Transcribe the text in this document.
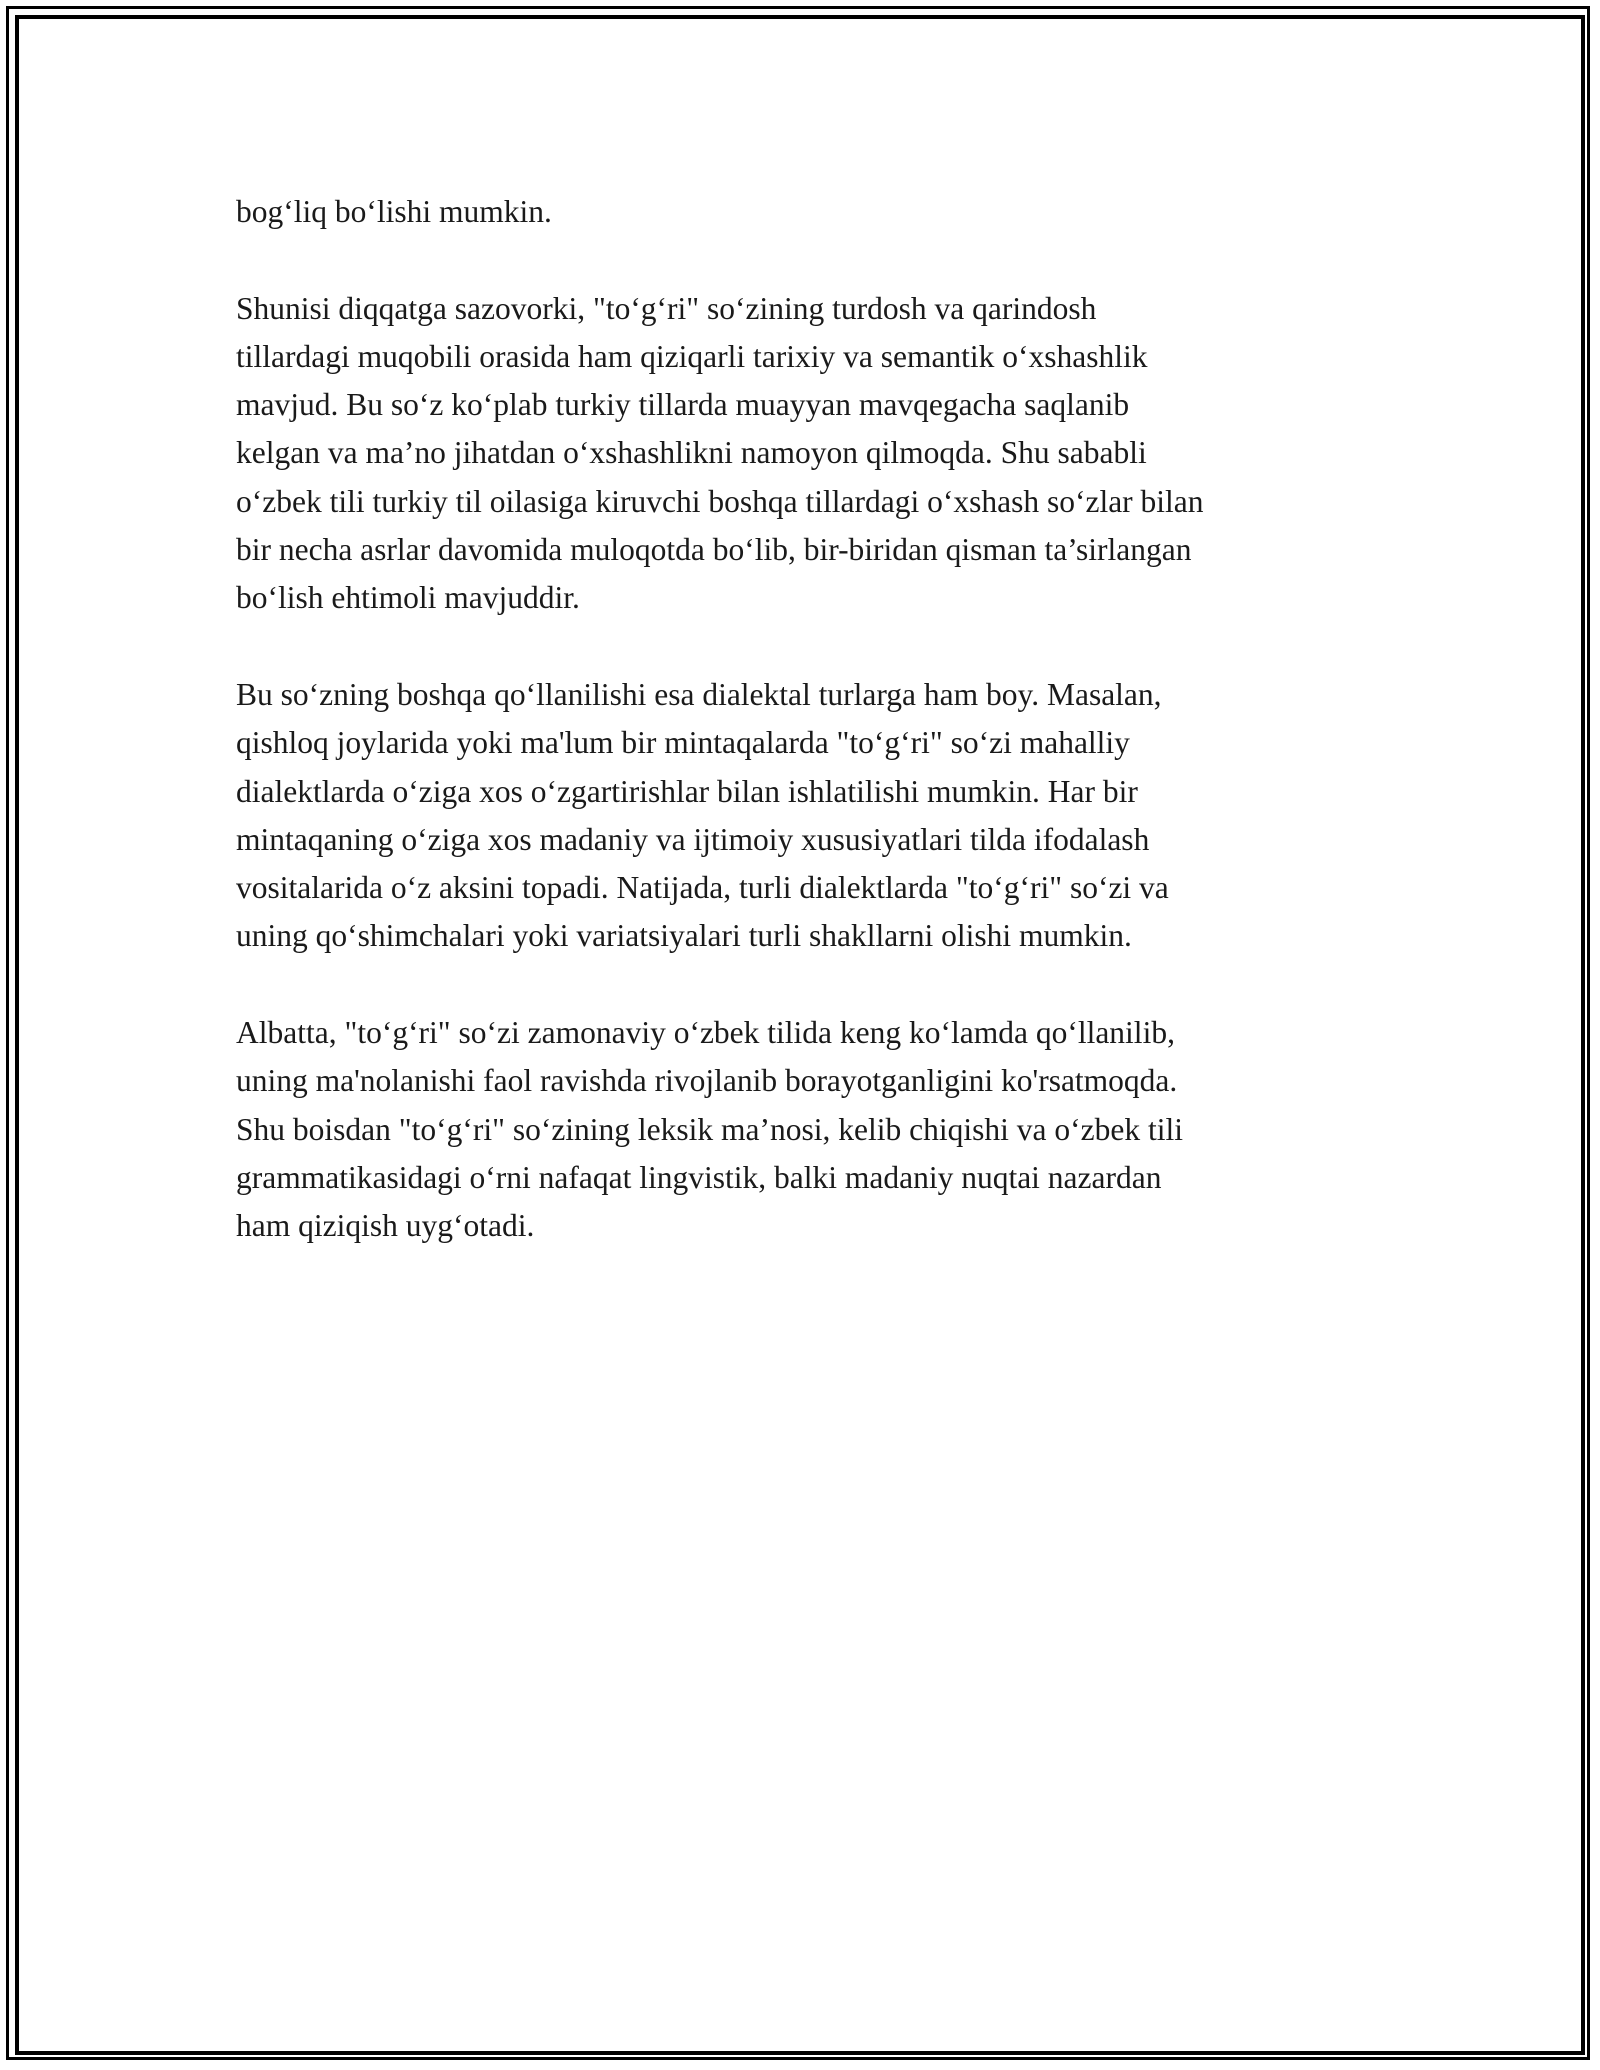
bog‘liq bo‘lishi mumkin.

Shunisi diqqatga sazovorki, "to‘g‘ri" so‘zining turdosh va qarindosh
tillardagi muqobili orasida ham qiziqarli tarixiy va semantik o‘xshashlik
mavjud. Bu so‘z ko‘plab turkiy tillarda muayyan mavqegacha saqlanib
kelgan va ma’no jihatdan o‘xshashlikni namoyon qilmoqda. Shu sababli
o‘zbek tili turkiy til oilasiga kiruvchi boshqa tillardagi o‘xshash so‘zlar bilan
bir necha asrlar davomida muloqotda bo‘lib, bir-biridan qisman ta’sirlangan
bo‘lish ehtimoli mavjuddir.

Bu so‘zning boshqa qo‘llanilishi esa dialektal turlarga ham boy. Masalan,
qishloq joylarida yoki ma'lum bir mintaqalarda "to‘g‘ri" so‘zi mahalliy
dialektlarda o‘ziga xos o‘zgartirishlar bilan ishlatilishi mumkin. Har bir
mintaqaning o‘ziga xos madaniy va ijtimoiy xususiyatlari tilda ifodalash
vositalarida o‘z aksini topadi. Natijada, turli dialektlarda "to‘g‘ri" so‘zi va
uning qo‘shimchalari yoki variatsiyalari turli shakllarni olishi mumkin.

Albatta, "to‘g‘ri" so‘zi zamonaviy o‘zbek tilida keng ko‘lamda qo‘llanilib,
uning ma'nolanishi faol ravishda rivojlanib borayotganligini ko'rsatmoqda.
Shu boisdan "to‘g‘ri" so‘zining leksik ma’nosi, kelib chiqishi va o‘zbek tili
grammatikasidagi o‘rni nafaqat lingvistik, balki madaniy nuqtai nazardan
ham qiziqish uyg‘otadi.
